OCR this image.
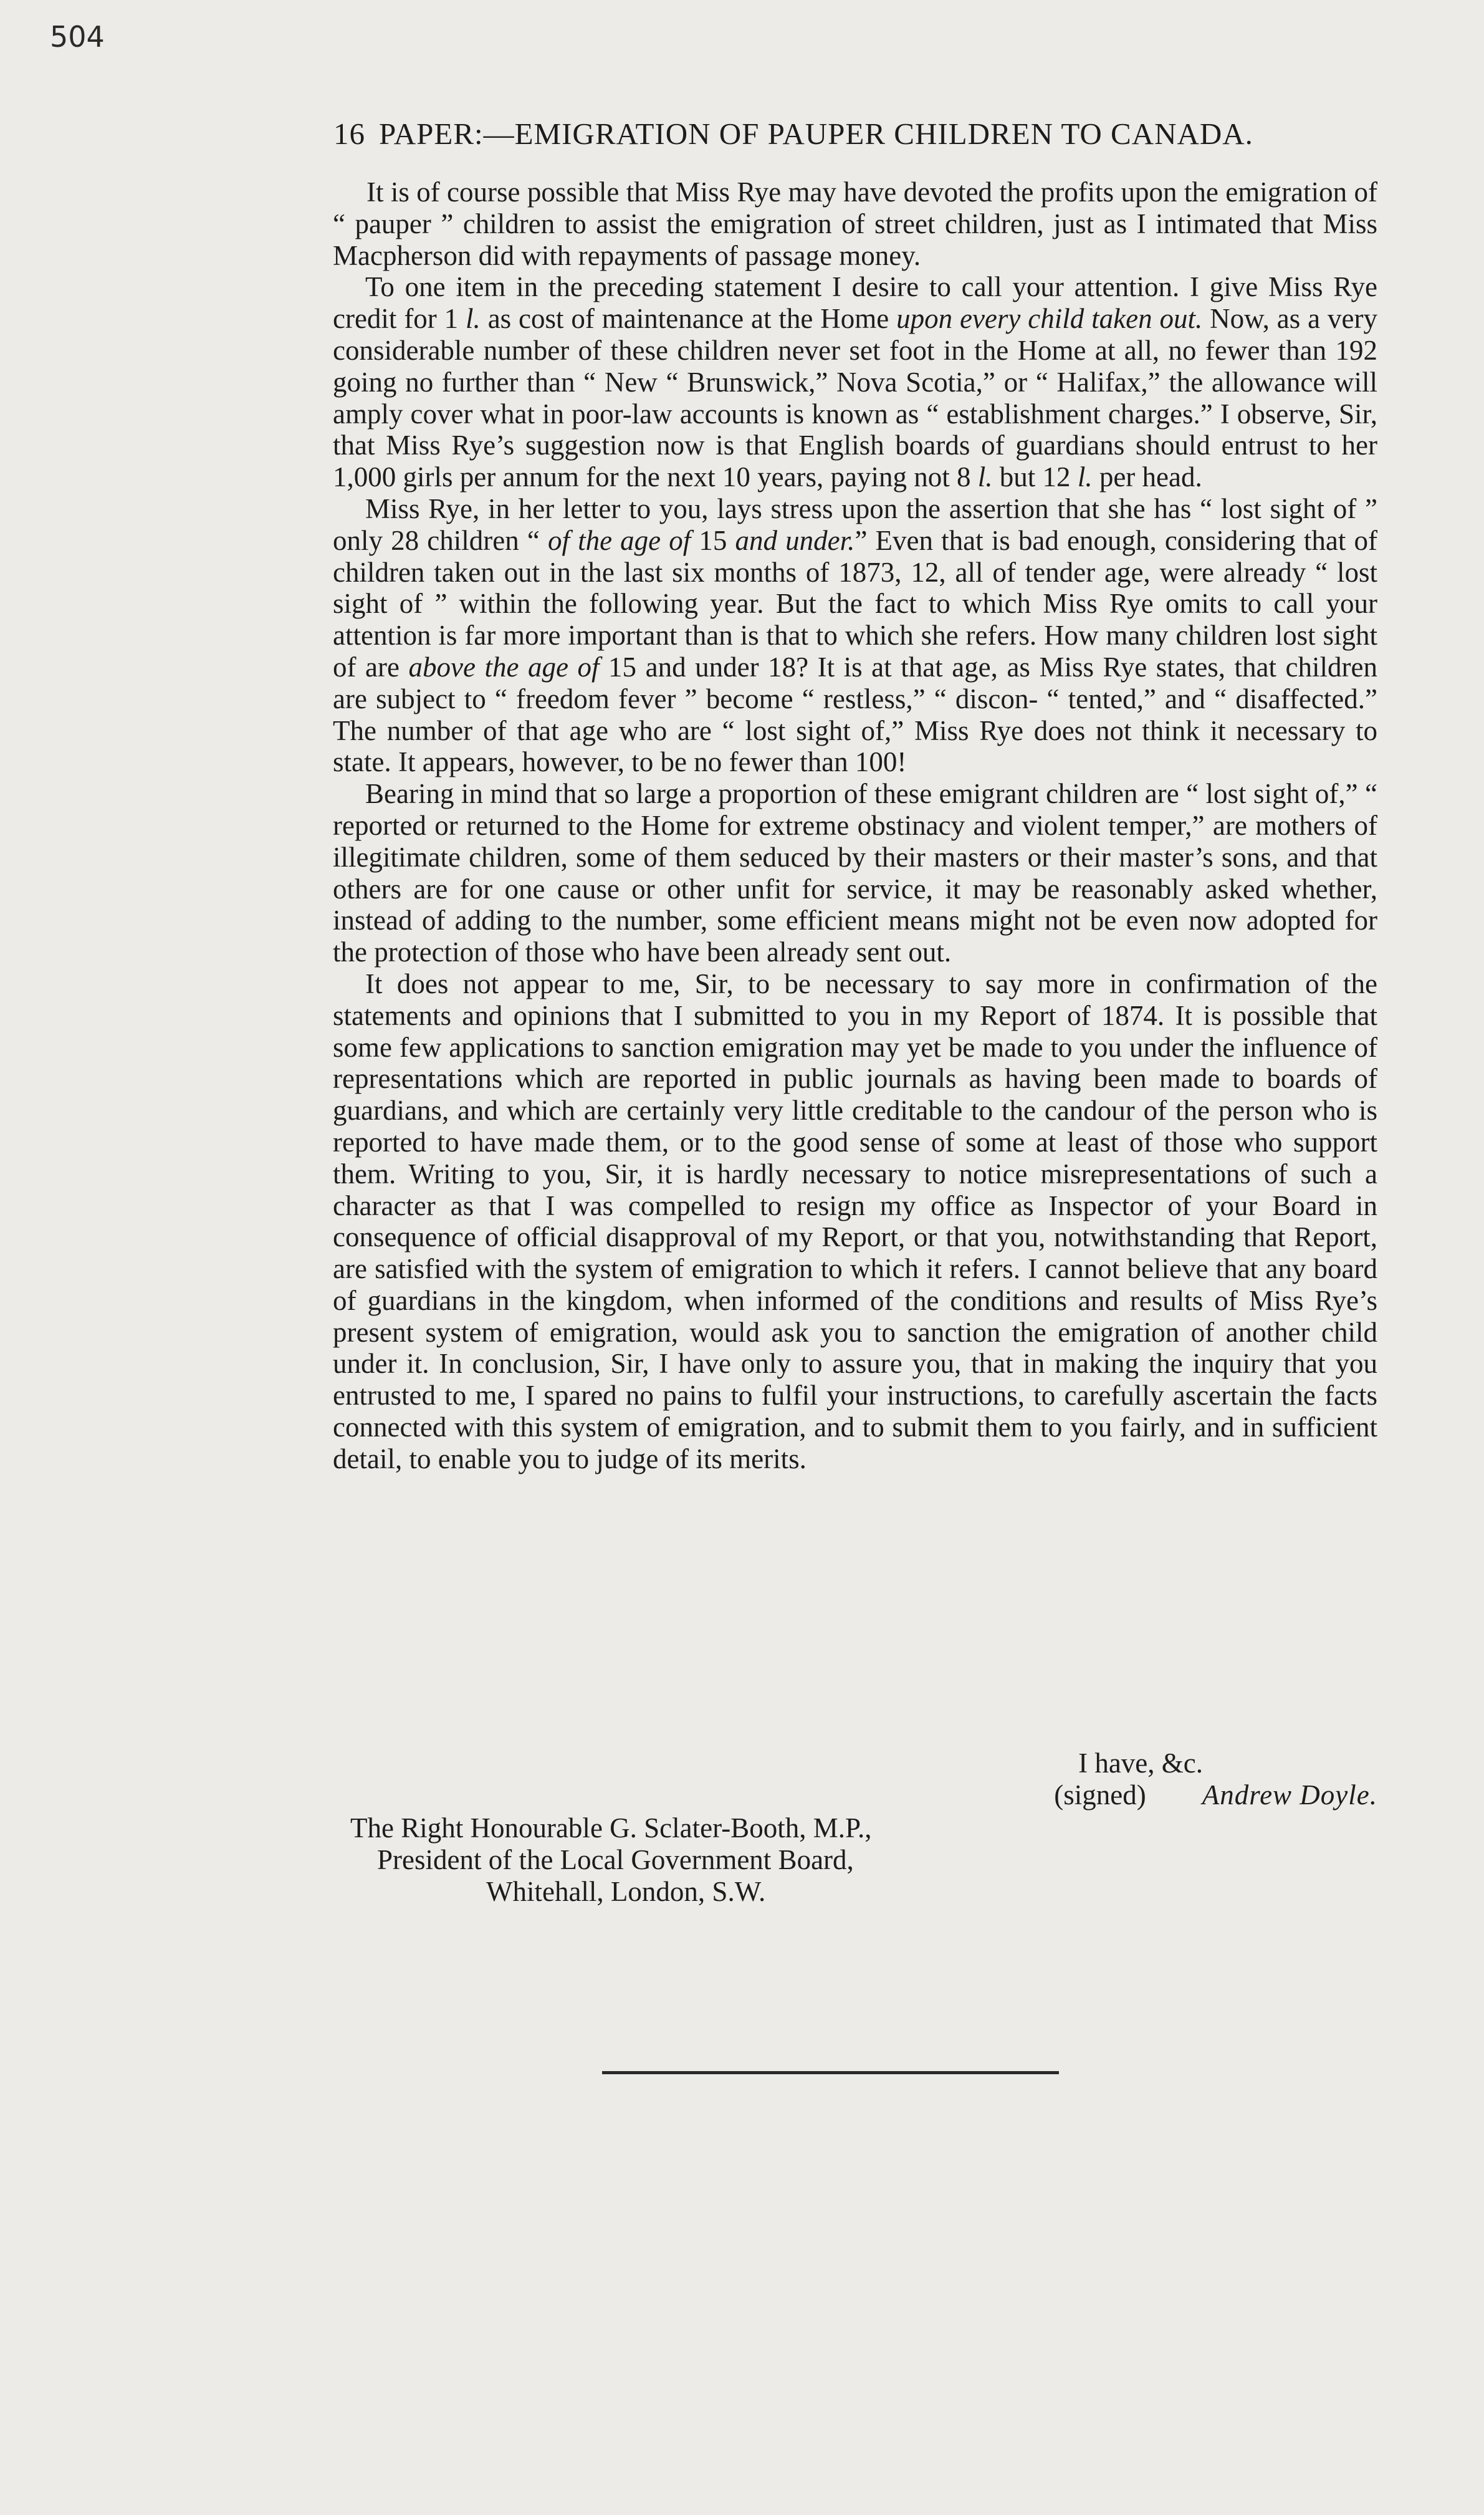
504
16 PAPER:—EMIGRATION OF PAUPER CHILDREN TO CANADA.

It is of course possible that Miss Rye may have devoted the profits upon the emigration of “ pauper ” children to assist the emigration of street children, just as I intimated that Miss Macpherson did with repayments of passage money.

To one item in the preceding statement I desire to call your attention. I give Miss Rye credit for 1 l. as cost of maintenance at the Home upon every child taken out. Now, as a very considerable number of these children never set foot in the Home at all, no fewer than 192 going no further than “ New “ Brunswick,” Nova Scotia,” or “ Halifax,” the allowance will amply cover what in poor-law accounts is known as “ establishment charges.” I observe, Sir, that Miss Rye’s suggestion now is that English boards of guardians should entrust to her 1,000 girls per annum for the next 10 years, paying not 8 l. but 12 l. per head.

Miss Rye, in her letter to you, lays stress upon the assertion that she has “ lost sight of ” only 28 children “ of the age of 15 and under.” Even that is bad enough, considering that of children taken out in the last six months of 1873, 12, all of tender age, were already “ lost sight of ” within the following year. But the fact to which Miss Rye omits to call your attention is far more important than is that to which she refers. How many children lost sight of are above the age of 15 and under 18? It is at that age, as Miss Rye states, that children are subject to “ freedom fever ” become “ restless,” “ discon- “ tented,” and “ disaffected.” The number of that age who are “ lost sight of,” Miss Rye does not think it necessary to state. It appears, however, to be no fewer than 100!

Bearing in mind that so large a proportion of these emigrant children are “ lost sight of,” “ reported or returned to the Home for extreme obstinacy and violent temper,” are mothers of illegitimate children, some of them seduced by their masters or their master’s sons, and that others are for one cause or other unfit for service, it may be reasonably asked whether, instead of adding to the number, some efficient means might not be even now adopted for the protection of those who have been already sent out.

It does not appear to me, Sir, to be necessary to say more in confirmation of the statements and opinions that I submitted to you in my Report of 1874. It is possible that some few applications to sanction emigration may yet be made to you under the influence of representations which are reported in public journals as having been made to boards of guardians, and which are certainly very little creditable to the candour of the person who is reported to have made them, or to the good sense of some at least of those who support them. Writing to you, Sir, it is hardly necessary to notice misrepresentations of such a character as that I was compelled to resign my office as Inspector of your Board in consequence of official disapproval of my Report, or that you, notwithstanding that Report, are satisfied with the system of emigration to which it refers. I cannot believe that any board of guardians in the kingdom, when informed of the conditions and results of Miss Rye’s present system of emigration, would ask you to sanction the emigration of another child under it. In conclusion, Sir, I have only to assure you, that in making the inquiry that you entrusted to me, I spared no pains to fulfil your instructions, to carefully ascertain the facts connected with this system of emigration, and to submit them to you fairly, and in sufficient detail, to enable you to judge of its merits.

I have, &c.
(signed) Andrew Doyle.
The Right Honourable G. Sclater-Booth, M.P.,
President of the Local Government Board,
Whitehall, London, S.W.
